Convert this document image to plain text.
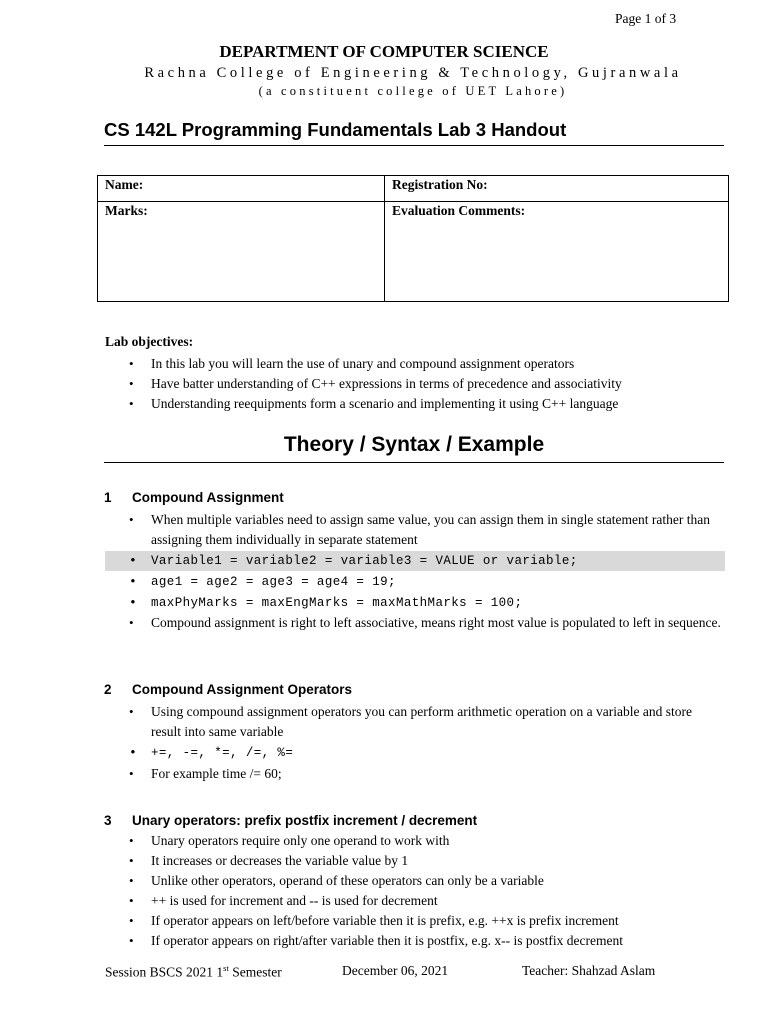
Page 1 of 3
DEPARTMENT OF COMPUTER SCIENCE
Rachna College of Engineering & Technology, Gujranwala
(a constituent college of UET Lahore)
CS 142L Programming Fundamentals Lab 3 Handout
Name:	Registration No:
Marks:	Evaluation Comments:
Lab objectives:
• In this lab you will learn the use of unary and compound assignment operators
• Have batter understanding of C++ expressions in terms of precedence and associativity
• Understanding reequipments form a scenario and implementing it using C++ language
Theory / Syntax / Example
1 Compound Assignment
• When multiple variables need to assign same value, you can assign them in single statement rather than assigning them individually in separate statement
• Variable1 = variable2 = variable3 = VALUE or variable;
• age1 = age2 = age3 = age4 = 19;
• maxPhyMarks = maxEngMarks = maxMathMarks = 100;
• Compound assignment is right to left associative, means right most value is populated to left in sequence.
2 Compound Assignment Operators
• Using compound assignment operators you can perform arithmetic operation on a variable and store result into same variable
• +=, -=, *=, /=, %=
• For example time /= 60;
3 Unary operators: prefix postfix increment / decrement
• Unary operators require only one operand to work with
• It increases or decreases the variable value by 1
• Unlike other operators, operand of these operators can only be a variable
• ++ is used for increment and -- is used for decrement
• If operator appears on left/before variable then it is prefix, e.g. ++x is prefix increment
• If operator appears on right/after variable then it is postfix, e.g. x-- is postfix decrement
Session BSCS 2021 1st Semester	December 06, 2021	Teacher: Shahzad Aslam
